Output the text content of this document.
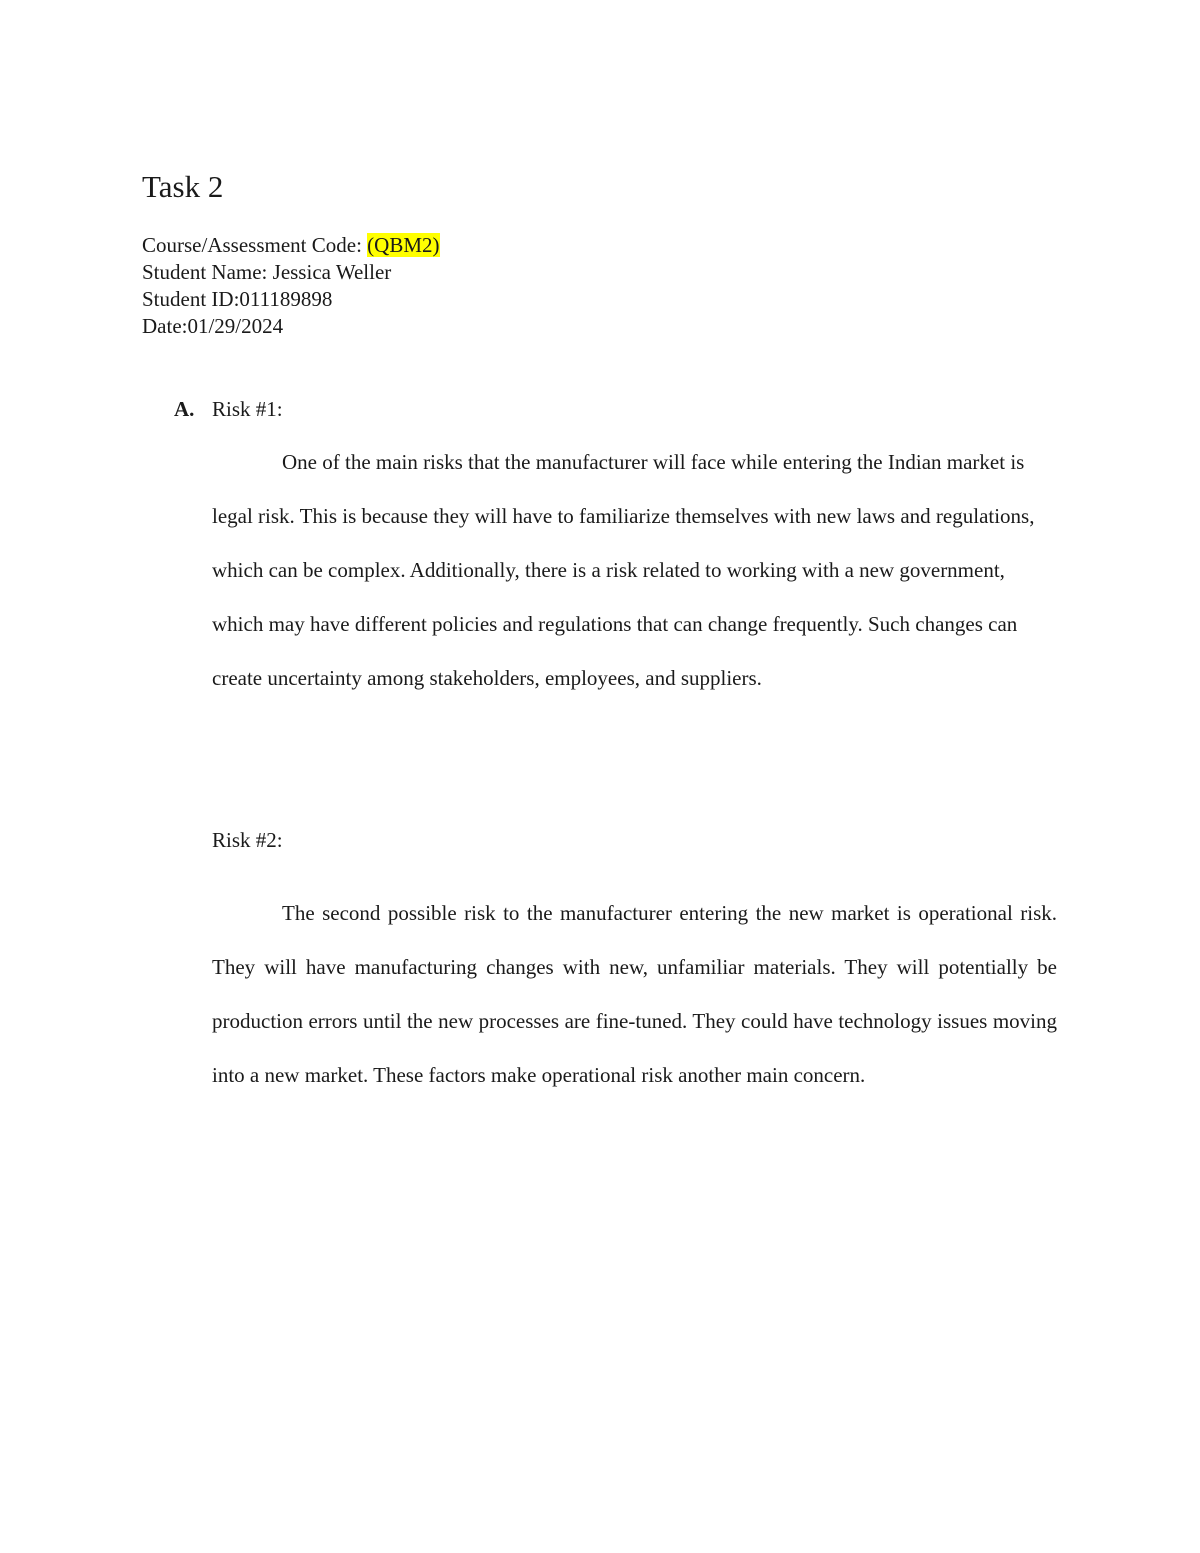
Task 2
Course/Assessment Code: (QBM2)
Student Name: Jessica Weller
Student ID:011189898
Date:01/29/2024
A. Risk #1:

One of the main risks that the manufacturer will face while entering the Indian market is legal risk. This is because they will have to familiarize themselves with new laws and regulations, which can be complex. Additionally, there is a risk related to working with a new government, which may have different policies and regulations that can change frequently. Such changes can create uncertainty among stakeholders, employees, and suppliers.

Risk #2:

The second possible risk to the manufacturer entering the new market is operational risk. They will have manufacturing changes with new, unfamiliar materials. They will potentially be production errors until the new processes are fine-tuned. They could have technology issues moving into a new market. These factors make operational risk another main concern.
